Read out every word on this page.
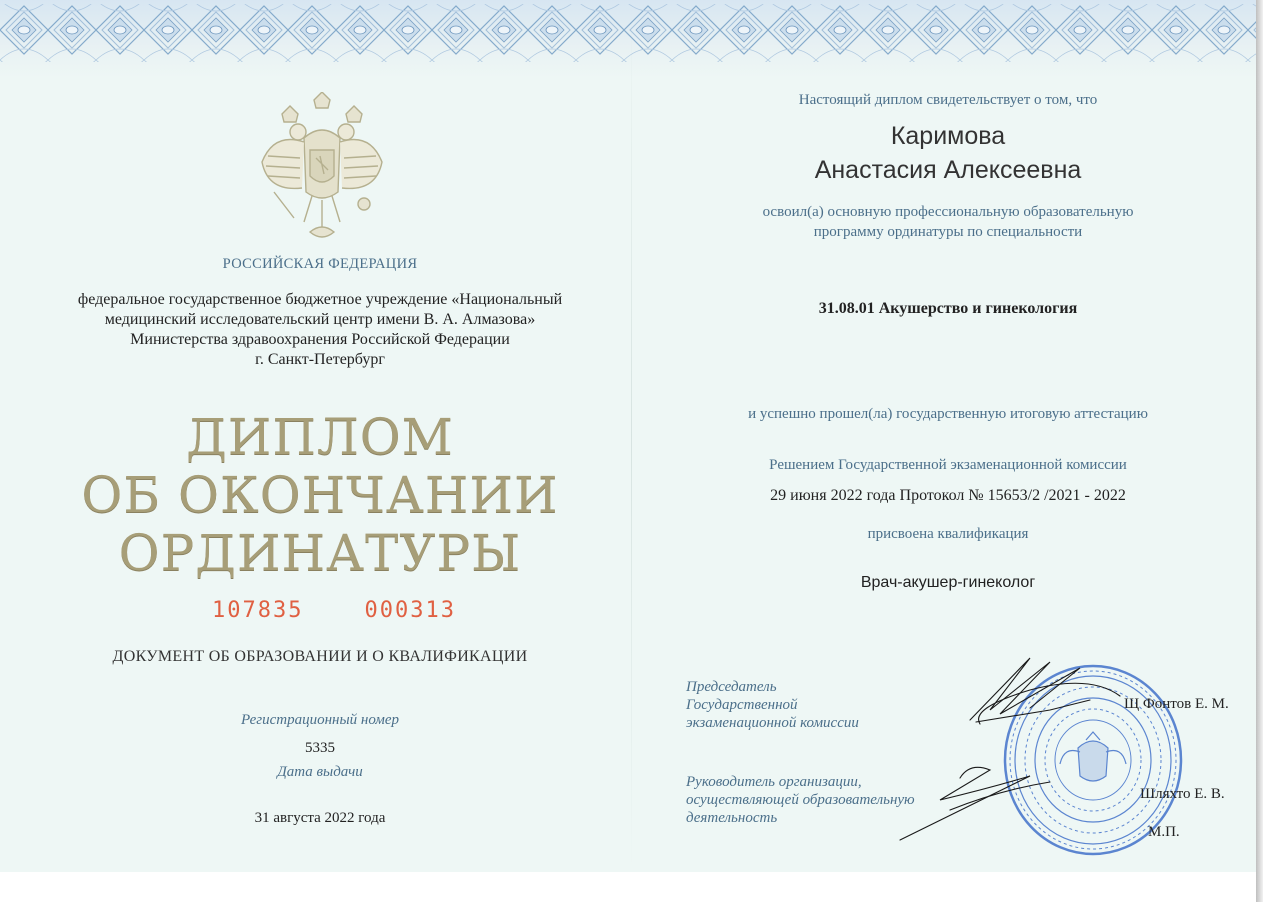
РОССИЙСКАЯ ФЕДЕРАЦИЯ
федеральное государственное бюджетное учреждение «Национальный
медицинский исследовательский центр имени В. А. Алмазова»
Министерства здравоохранения Российской Федерации
г. Санкт-Петербург
ДИПЛОМ
ОБ ОКОНЧАНИИ
ОРДИНАТУРЫ
107835	000313
ДОКУМЕНТ ОБ ОБРАЗОВАНИИ И О КВАЛИФИКАЦИИ
Регистрационный номер
5335
Дата выдачи
31 августа 2022 года
Настоящий диплом свидетельствует о том, что
Каримова
Анастасия Алексеевна
освоил(а) основную профессиональную образовательную
программу ординатуры по специальности
31.08.01 Акушерство и гинекология
и успешно прошел(ла) государственную итоговую аттестацию
Решением Государственной экзаменационной комиссии
29 июня 2022 года Протокол № 15653/2 /2021 - 2022
присвоена квалификация
Врач-акушер-гинеколог
Председатель
Государственной
экзаменационной комиссии
Руководитель организации,
осуществляющей образовательную
деятельность
Щ Фонтов Е. М.
Шляхто Е. В.
М.П.
